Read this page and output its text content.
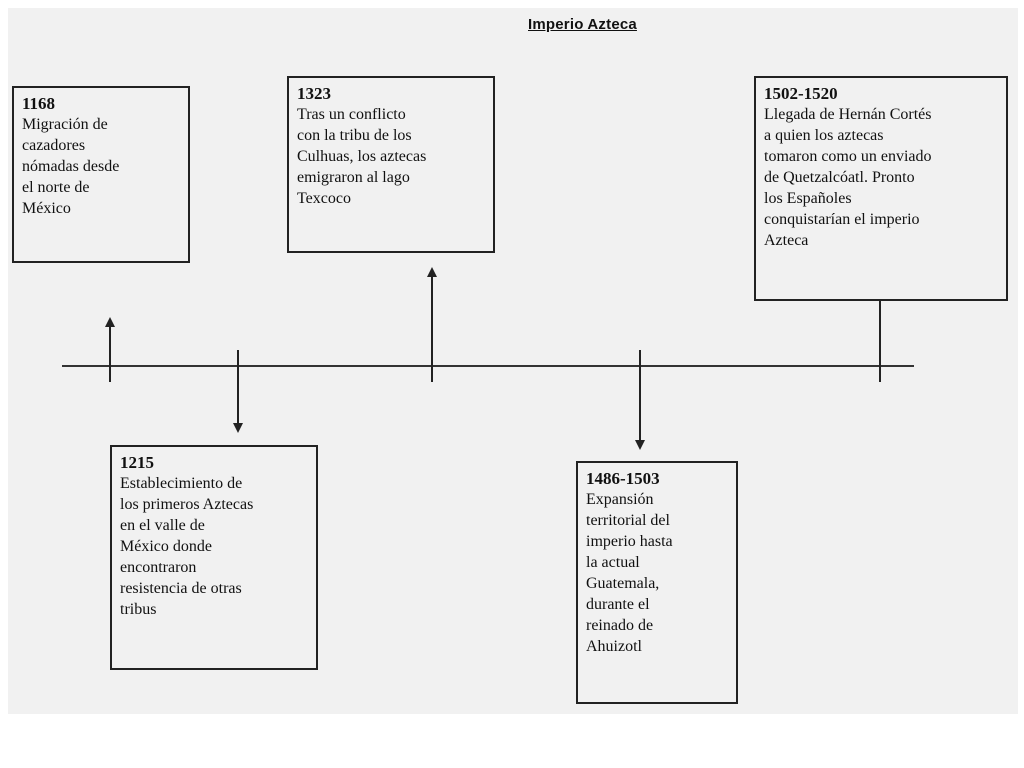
Imperio Azteca
1168
Migración de
cazadores
nómadas desde
el norte de
México
1215
Establecimiento de
los primeros Aztecas
en el valle de
México donde
encontraron
resistencia de otras
tribus
1323
Tras un conflicto
con la tribu de los
Culhuas, los aztecas
emigraron al lago
Texcoco
1486-1503
Expansión
territorial del
imperio hasta
la actual
Guatemala,
durante el
reinado de
Ahuizotl
1502-1520
Llegada de Hernán Cortés
a quien los aztecas
tomaron como un enviado
de Quetzalcóatl. Pronto
los Españoles
conquistarían el imperio
Azteca
